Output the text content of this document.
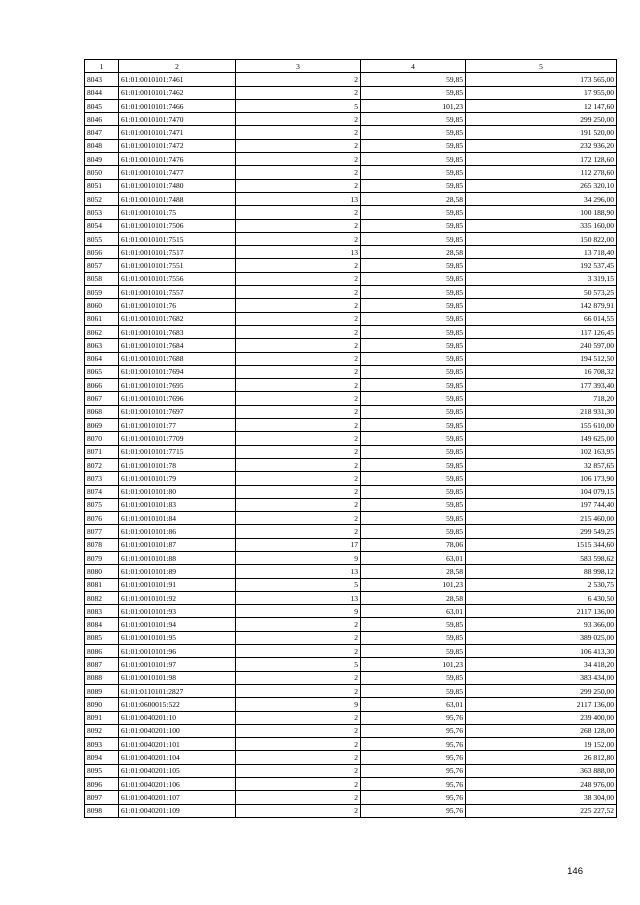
1	2	3	4	5
8043	61:01:0010101:7461	2	59,85	173 565,00
8044	61:01:0010101:7462	2	59,85	17 955,00
8045	61:01:0010101:7466	5	101,23	12 147,60
8046	61:01:0010101:7470	2	59,85	299 250,00
8047	61:01:0010101:7471	2	59,85	191 520,00
8048	61:01:0010101:7472	2	59,85	232 936,20
8049	61:01:0010101:7476	2	59,85	172 128,60
8050	61:01:0010101:7477	2	59,85	112 278,60
8051	61:01:0010101:7480	2	59,85	265 320,10
8052	61:01:0010101:7488	13	28,58	34 296,00
8053	61:01:0010101:75	2	59,85	100 188,90
8054	61:01:0010101:7506	2	59,85	335 160,00
8055	61:01:0010101:7515	2	59,85	150 822,00
8056	61:01:0010101:7517	13	28,58	13 718,40
8057	61:01:0010101:7551	2	59,85	192 537,45
8058	61:01:0010101:7556	2	59,85	3 319,15
8059	61:01:0010101:7557	2	59,85	50 573,25
8060	61:01:0010101:76	2	59,85	142 879,91
8061	61:01:0010101:7682	2	59,85	66 014,55
8062	61:01:0010101:7683	2	59,85	117 126,45
8063	61:01:0010101:7684	2	59,85	240 597,00
8064	61:01:0010101:7688	2	59,85	194 512,50
8065	61:01:0010101:7694	2	59,85	16 708,32
8066	61:01:0010101:7695	2	59,85	177 393,40
8067	61:01:0010101:7696	2	59,85	718,20
8068	61:01:0010101:7697	2	59,85	218 931,30
8069	61:01:0010101:77	2	59,85	155 610,00
8070	61:01:0010101:7709	2	59,85	149 625,00
8071	61:01:0010101:7715	2	59,85	102 163,95
8072	61:01:0010101:78	2	59,85	32 857,65
8073	61:01:0010101:79	2	59,85	106 173,90
8074	61:01:0010101:80	2	59,85	104 079,15
8075	61:01:0010101:83	2	59,85	197 744,40
8076	61:01:0010101:84	2	59,85	215 460,00
8077	61:01:0010101:86	2	59,85	299 549,25
8078	61:01:0010101:87	17	78,06	1515 344,60
8079	61:01:0010101:88	9	63,01	583 598,62
8080	61:01:0010101:89	13	28,58	88 998,12
8081	61:01:0010101:91	5	101,23	2 530,75
8082	61:01:0010101:92	13	28,58	6 430,50
8083	61:01:0010101:93	9	63,01	2117 136,00
8084	61:01:0010101:94	2	59,85	93 366,00
8085	61:01:0010101:95	2	59,85	389 025,00
8086	61:01:0010101:96	2	59,85	106 413,30
8087	61:01:0010101:97	5	101,23	34 418,20
8088	61:01:0010101:98	2	59,85	383 434,00
8089	61:01:0110101:2827	2	59,85	299 250,00
8090	61:01:0600015:522	9	63,01	2117 136,00
8091	61:01:0040201:10	2	95,76	239 400,00
8092	61:01:0040201:100	2	95,76	268 128,00
8093	61:01:0040201:101	2	95,76	19 152,00
8094	61:01:0040201:104	2	95,76	26 812,80
8095	61:01:0040201:105	2	95,76	363 888,00
8096	61:01:0040201:106	2	95,76	248 976,00
8097	61:01:0040201:107	2	95,76	38 304,00
8098	61:01:0040201:109	2	95,76	225 227,52
146
